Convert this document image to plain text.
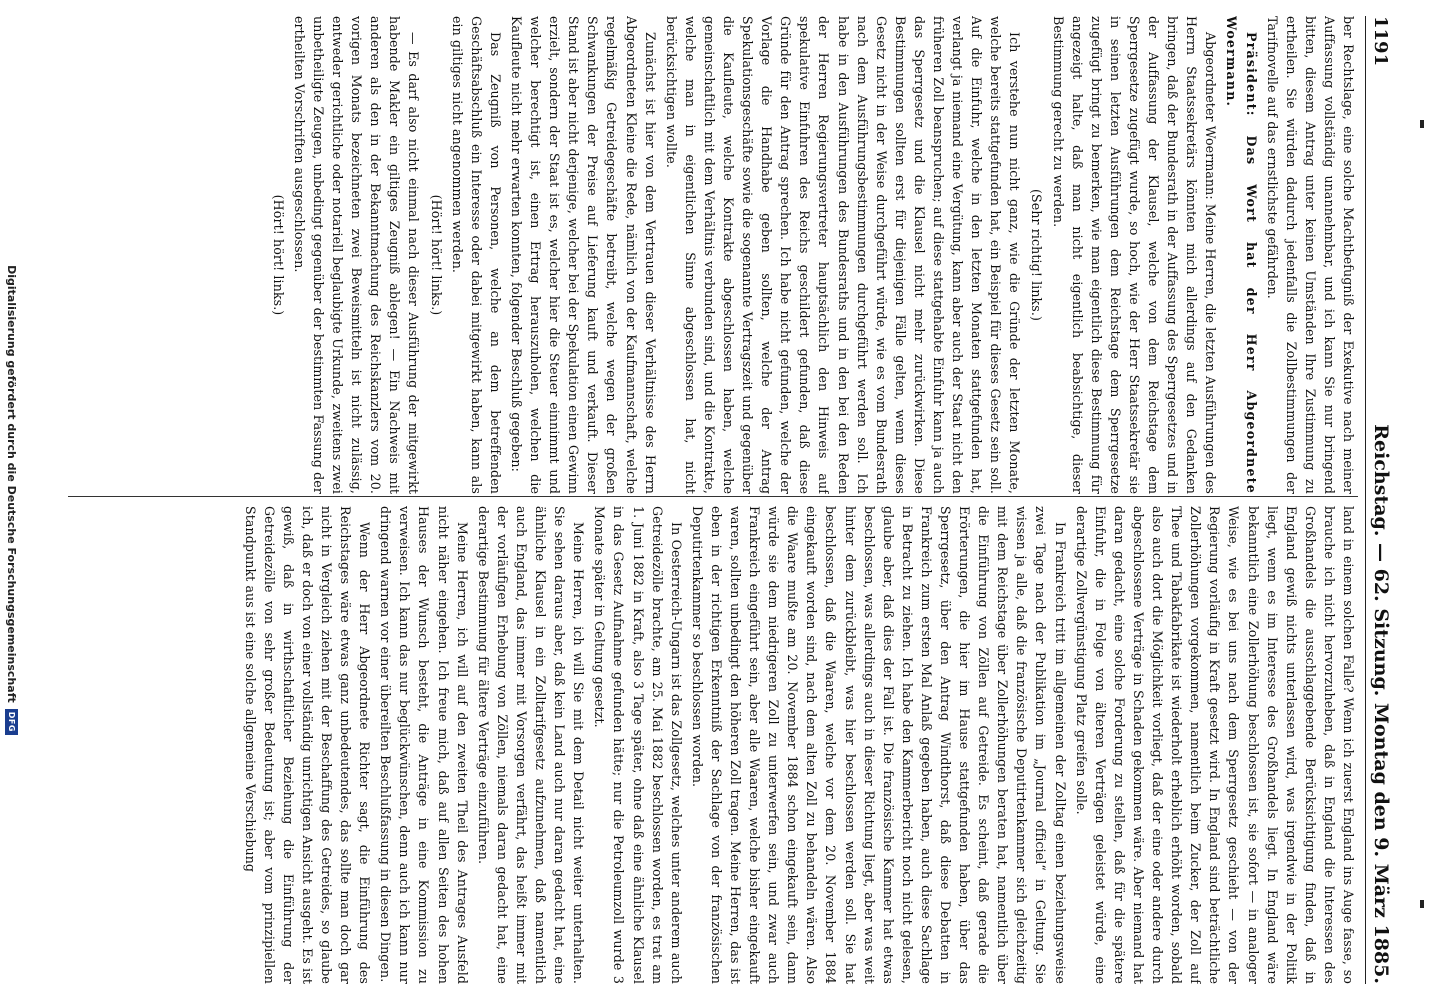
1191
Reichstag. — 62. Sitzung. Montag den 9. März 1885.

ber Rechtslage, eine solche Machtbefugniß der Exekutive nach meiner Auffassung vollständig unannehmbar, und ich kann Sie nur bringend bitten, diesem Antrag unter keinen Umständen Ihre Zustimmung zu ertheilen. Sie würden dadurch jedenfalls die Zollbestimmungen der Tarifnovelle auf das ernstlichste gefährden.

Präsident: Das Wort hat der Herr Abgeordnete Woermann.

Abgeordneter Woermann: Meine Herren, die letzten Ausführungen des Herrn Staatssekretärs könnten mich allerdings auf den Gedanken bringen, daß der Bundesrath in der Auffassung des Sperrgesetzes und in der Auffassung der Klausel, welche von dem Reichstage dem Sperrgesetze zugefügt wurde, so hoch, wie der Herr Staatssekretär sie in seinen letzten Ausführungen dem Reichstage dem Sperrgesetze zugefügt bringt zu bemerken, wie man eigentlich diese Bestimmung für angezeigt halte, daß man nicht eigentlich beabsichtige, dieser Bestimmung gerecht zu werden.

(Sehr richtig! links.)

Ich verstehe nun nicht ganz, wie die Gründe der letzten Monate, welche bereits stattgefunden hat, ein Beispiel für dieses Gesetz sein soll. Auf die Einfuhr, welche in den letzten Monaten stattgefunden hat, verlangt ja niemand eine Vergütung, kann aber auch der Staat nicht den früheren Zoll beanspruchen; auf diese stattgehabte Einfuhr kann ja auch das Sperrgesetz und die Klausel nicht mehr zurückwirken. Diese Bestimmungen sollten erst für diejenigen Fälle gelten, wenn dieses Gesetz nicht in der Weise durchgeführt würde, wie es vom Bundesrath nach dem Ausführungsbestimmungen durchgeführt werden soll. Ich habe in den Ausführungen des Bundesraths und in den bei den Reden der Herren Regierungsvertreter hauptsächlich den Hinweis auf spekulative Einfuhren des Reichs geschildert gefunden, daß diese Gründe für den Antrag sprechen. Ich habe nicht gefunden, welche der Vorlage die Handhabe geben sollten, welche der Antrag Spekulationsgeschäfte sowie die sogenannte Vertragszeit und gegenüber die Kaufleute, welche Kontrakte abgeschlossen haben, welche gemeinschaftlich mit dem Verhältnis verbunden sind, und die Kontrakte, welche man in eigentlichen Sinne abgeschlossen hat, nicht berücksichtigen wollte.

Zunächst ist hier von dem Vertrauen dieser Verhältnisse des Herrn Abgeordneten Kleine die Rede, nämlich von der Kaufmannschaft, welche regelmäßig Getreidegeschäfte betreibt, welche wegen der großen Schwankungen der Preise auf Lieferung kauft und verkauft. Dieser Stand ist aber nicht derjenige, welcher bei der Spekulation einen Gewinn erzielt, sondern der Staat ist es, welcher hier die Steuer einnimmt und welcher berechtigt ist, einen Ertrag herauszuholen, welchen die Kaufleute nicht mehr erwarten konnten, folgender Beschluß gegeben:

Das Zeugniß von Personen, welche an dem betreffenden Geschäftsabschluß ein Interesse oder dabei mitgewirkt haben, kann als ein giltiges nicht angenommen werden.

(Hört! hört! links.)

— Es darf also nicht einmal nach dieser Ausführung der mitgewirkt habende Makler ein giltiges Zeugniß ablegen! — Ein Nachweis mit anderen als den in der Bekanntmachung des Reichskanzlers vom 20. vorigen Monats bezeichneten zwei Beweismitteln ist nicht zulässig, entweder gerichtliche oder notariell beglaubigte Urkunde, zweitens zwei unbetheiligte Zeugen, unbedingt gegenüber der bestimmten Fassung der ertheilten Vorschriften ausgeschlossen.

(Hört! hört! links.)

land in einem solchen Falle? Wenn ich zuerst England ins Auge fasse, so brauche ich nicht hervorzuheben, daß in England die Interessen des Großhandels die ausschlaggebende Berücksichtigung finden, daß in England gewiß nichts unterlassen wird, was irgendwie in der Politik liegt, wenn es im Interesse des Großhandels liegt. In England wäre bekanntlich eine Zollerhöhung beschlossen ist, sie sofort — in analoger Weise, wie es bei uns nach dem Sperrgesetz geschieht — von der Regierung vorläufig in Kraft gesetzt wird. In England sind beträchtliche Zollerhöhungen vorgekommen, namentlich beim Zucker, der Zoll auf Thee und Tabakfabrikate ist wiederholt erheblich erhöht worden, sobald also auch dort die Möglichkeit vorliegt, daß der eine oder andere durch abgeschlossene Verträge in Schaden gekommen wäre. Aber niemand hat daran gedacht, eine solche Forderung zu stellen, daß für die spätere Einfuhr, die in Folge von älteren Verträgen geleistet würde, eine derartige Zollvergünstigung Platz greifen solle.

In Frankreich tritt im allgemeinen der Zolltag einen beziehungsweise zwei Tage nach der Publikation im „Journal officiel“ in Geltung. Sie wissen ja alle, daß die französische Deputirtenkammer sich gleichzeitig mit dem Reichstage über Zollerhöhungen beraten hat, namentlich über die Einführung von Zöllen auf Getreide. Es scheint, daß gerade die Erörterungen, die hier im Hause stattgefunden haben, über das Sperrgesetz, über den Antrag Windthorst, daß diese Debatten in Frankreich zum ersten Mal Anlaß gegeben haben, auch diese Sachlage in Betracht zu ziehen. Ich habe den Kammerbericht noch nicht gelesen, glaube aber, daß dies der Fall ist. Die französische Kammer hat etwas beschlossen, was allerdings auch in dieser Richtung liegt, aber was weit hinter dem zurückbleibt, was hier beschlossen werden soll. Sie hat beschlossen, daß die Waaren, welche vor dem 20. November 1884 eingekauft worden sind, nach dem alten Zoll zu behandeln wären. Also die Waare mußte am 20. November 1884 schon eingekauft sein, dann würde sie dem niedrigeren Zoll zu unterwerfen sein, und zwar auch Frankreich eingeführt sein, aber alle Waaren, welche bisher eingekauft waren, sollten unbedingt den höheren Zoll tragen. Meine Herren, das ist eben in der richtigen Erkenntniß der Sachlage von der französischen Deputirtenkammer so beschlossen worden.

In Oesterreich-Ungarn ist das Zollgesetz, welches unter anderem auch Getreidezölle brachte, am 25. Mai 1882 beschlossen worden, es trat am 1. Juni 1882 in Kraft, also 3 Tage später, ohne daß eine ähnliche Klausel in das Gesetz Aufnahme gefunden hätte; nur die Petroleumzoll wurde 3 Monate später in Geltung gesetzt.

Meine Herren, ich will Sie mit dem Detail nicht weiter unterhalten. Sie sehen daraus aber, daß kein Land auch nur daran gedacht hat, eine ähnliche Klausel in ein Zolltarifgesetz aufzunehmen, daß namentlich auch England, das immer mit Vorsorgen verfährt, das heißt immer mit der vorläufigen Erhebung von Zöllen, niemals daran gedacht hat, eine derartige Bestimmung für ältere Verträge einzuführen.

Meine Herren, ich will auf den zweiten Theil des Antrages Ausfeld nicht näher eingehen. Ich freue mich, daß auf allen Seiten des hohen Hauses der Wunsch besteht, die Anträge in eine Kommission zu verweisen. Ich kann das nur beglückwünschen, denn auch ich kann nur dringend warnen vor einer übereilten Beschlußfassung in diesen Dingen.

Wenn der Herr Abgeordnete Richter sagt, die Einführung des Reichstages wäre etwas ganz unbedeutendes, das sollte man doch gar nicht in Vergleich ziehen mit der Beschaffung des Getreides, so glaube ich, daß er doch von einer vollständig unrichtigen Ansicht ausgeht. Es ist gewiß, daß in wirthschaftlicher Beziehung die Einführung der Getreidezölle von sehr großer Bedeutung ist; aber vom prinzipiellen Standpunkt aus ist eine solche allgemeine Verschiebung

Digitalisierung gefördert durch die Deutsche Forschungsgemeinschaft
DFG
